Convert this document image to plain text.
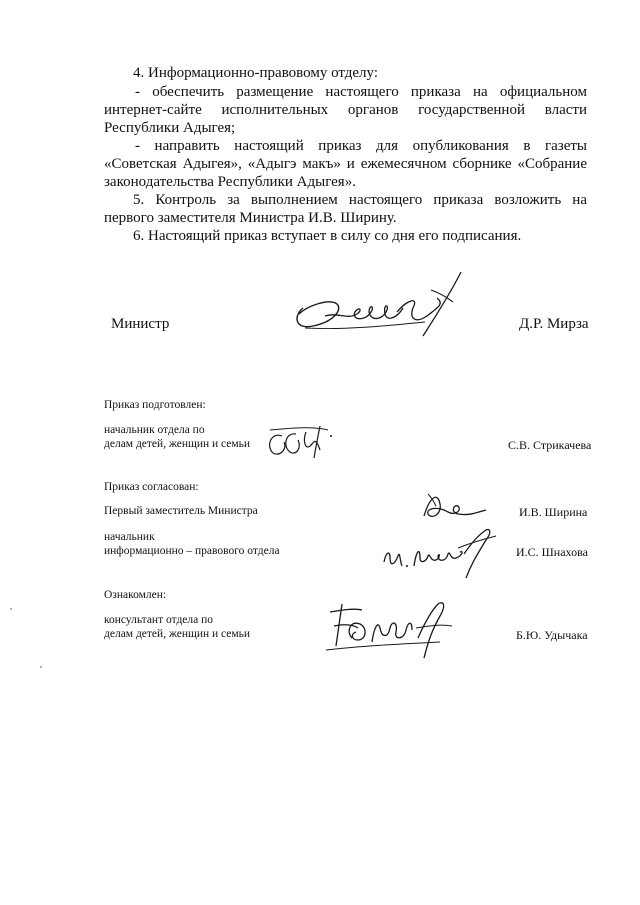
4. Информационно-правовому отделу:
- обеспечить размещение настоящего приказа на официальном
интернет-сайте исполнительных органов государственной власти
Республики Адыгея;
- направить настоящий приказ для опубликования в газеты
«Советская Адыгея», «Адыгэ макъ» и ежемесячном сборнике «Собрание
законодательства Республики Адыгея».
5. Контроль за выполнением настоящего приказа возложить на
первого заместителя Министра И.В. Ширину.
6. Настоящий приказ вступает в силу со дня его подписания.
Министр	Д.Р. Мирза
Приказ подготовлен:
начальник отдела по
делам детей, женщин и семьи	С.В. Стрикачева
Приказ согласован:
Первый заместитель Министра	И.В. Ширина
начальник
информационно – правового отдела	И.С. Шнахова
Ознакомлен:
консультант отдела по
делам детей, женщин и семьи	Б.Ю. Удычака
